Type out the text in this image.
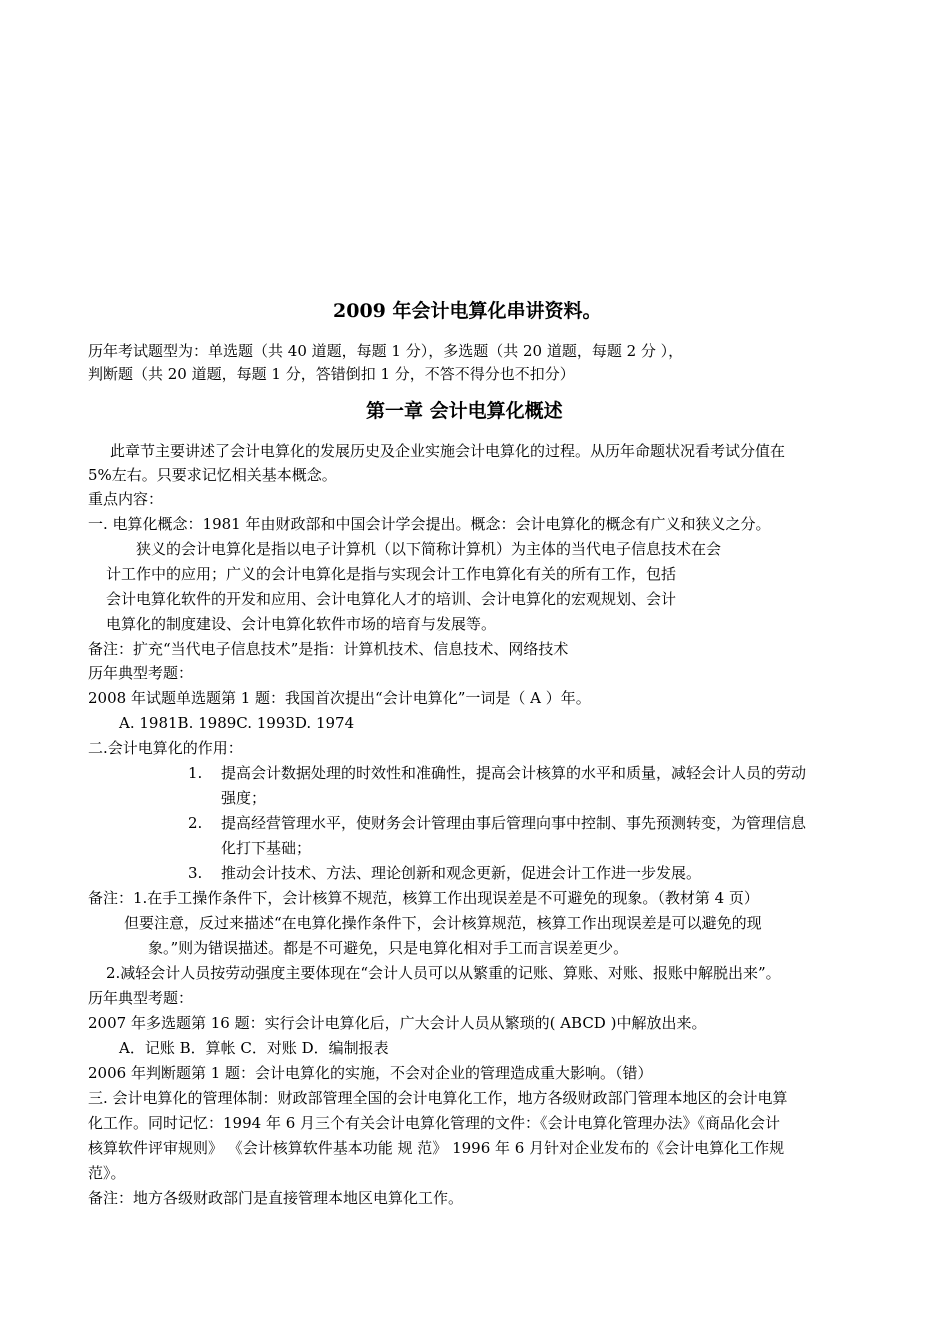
2009 年会计电算化串讲资料。
历年考试题型为：单选题（共 40 道题，每题 1 分），多选题（共 20 道题，每题 2 分 ），
判断题（共 20 道题，每题 1 分，答错倒扣 1 分，不答不得分也不扣分）
第一章 会计电算化概述
此章节主要讲述了会计电算化的发展历史及企业实施会计电算化的过程。从历年命题状况看考试分值在
5%左右。只要求记忆相关基本概念。
重点内容：
一. 电算化概念：1981 年由财政部和中国会计学会提出。概念：会计电算化的概念有广义和狭义之分。
狭义的会计电算化是指以电子计算机（以下简称计算机）为主体的当代电子信息技术在会
计工作中的应用；广义的会计电算化是指与实现会计工作电算化有关的所有工作，包括
会计电算化软件的开发和应用、会计电算化人才的培训、会计电算化的宏观规划、会计
电算化的制度建设、会计电算化软件市场的培育与发展等。
备注：扩充“当代电子信息技术”是指：计算机技术、信息技术、网络技术
历年典型考题：
2008 年试题单选题第 1 题：我国首次提出“会计电算化”一词是（ A ）年。
A. 1981B. 1989C. 1993D. 1974
二.会计电算化的作用：
1. 提高会计数据处理的时效性和准确性，提高会计核算的水平和质量，减轻会计人员的劳动
强度；
2. 提高经营管理水平，使财务会计管理由事后管理向事中控制、事先预测转变，为管理信息
化打下基础；
3. 推动会计技术、方法、理论创新和观念更新，促进会计工作进一步发展。
备注：1.在手工操作条件下，会计核算不规范，核算工作出现误差是不可避免的现象。（教材第 4 页）
但要注意，反过来描述“在电算化操作条件下，会计核算规范，核算工作出现误差是可以避免的现
象。”则为错误描述。都是不可避免，只是电算化相对手工而言误差更少。
2.减轻会计人员按劳动强度主要体现在“会计人员可以从繁重的记账、算账、对账、报账中解脱出来”。
历年典型考题：
2007 年多选题第 16 题：实行会计电算化后，广大会计人员从繁琐的( ABCD )中解放出来。
A．记账 B．算帐 C．对账 D．编制报表
2006 年判断题第 1 题：会计电算化的实施，不会对企业的管理造成重大影响。（错）
三. 会计电算化的管理体制：财政部管理全国的会计电算化工作，地方各级财政部门管理本地区的会计电算
化工作。同时记忆：1994 年 6 月三个有关会计电算化管理的文件：《会计电算化管理办法》《商品化会计
核算软件评审规则》 《会计核算软件基本功能 规 范》 1996 年 6 月针对企业发布的《会计电算化工作规
范》。
备注：地方各级财政部门是直接管理本地区电算化工作。
